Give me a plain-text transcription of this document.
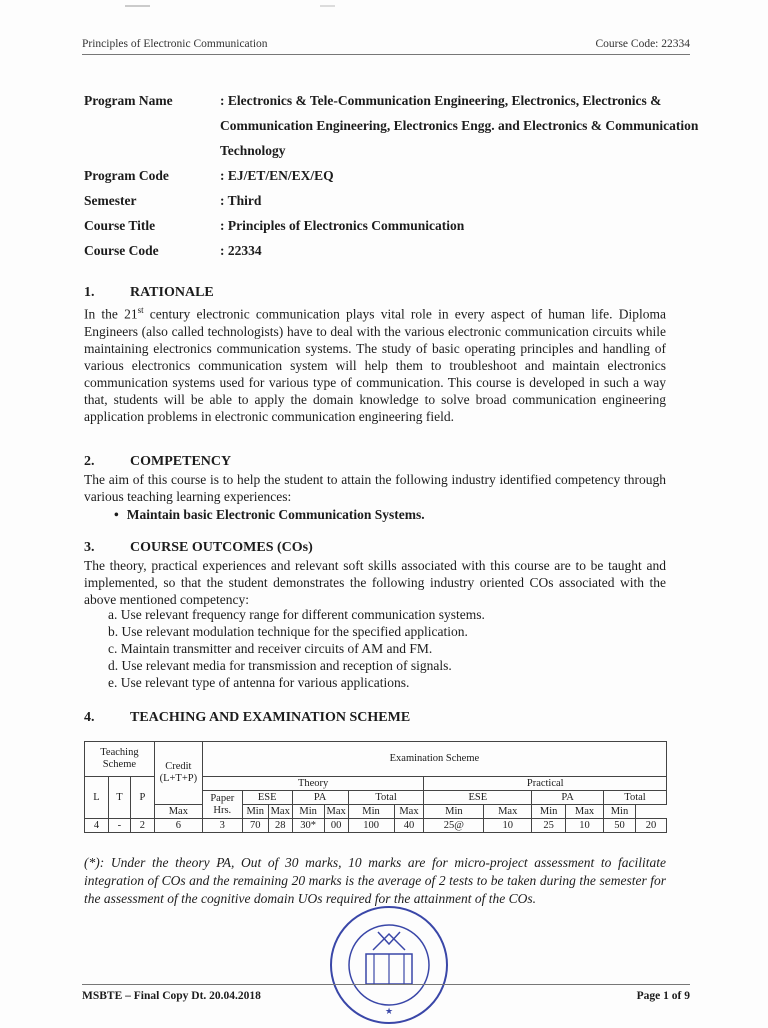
Principles of Electronic Communication	Course Code: 22334
Program Name	: Electronics & Tele-Communication Engineering, Electronics, Electronics & Communication Engineering, Electronics Engg. and Electronics & Communication Technology
Program Code	: EJ/ET/EN/EX/EQ
Semester	: Third
Course Title	: Principles of Electronics Communication
Course Code	: 22334
1.	RATIONALE
In the 21st century electronic communication plays vital role in every aspect of human life. Diploma Engineers (also called technologists) have to deal with the various electronic communication circuits while maintaining electronics communication systems. The study of basic operating principles and handling of various electronics communication system will help them to troubleshoot and maintain electronics communication systems used for various type of communication. This course is developed in such a way that, students will be able to apply the domain knowledge to solve broad communication engineering application problems in electronic communication engineering field.
2.	COMPETENCY
The aim of this course is to help the student to attain the following industry identified competency through various teaching learning experiences:
• Maintain basic Electronic Communication Systems.
3.	COURSE OUTCOMES (COs)
The theory, practical experiences and relevant soft skills associated with this course are to be taught and implemented, so that the student demonstrates the following industry oriented COs associated with the above mentioned competency:
a. Use relevant frequency range for different communication systems.
b. Use relevant modulation technique for the specified application.
c. Maintain transmitter and receiver circuits of AM and FM.
d. Use relevant media for transmission and reception of signals.
e. Use relevant type of antenna for various applications.
4.	TEACHING AND EXAMINATION SCHEME
Teaching Scheme			Credit (L+T+P)	Examination Scheme												

L	T	P		Theory							Practical					
				Paper Hrs.	ESE		PA		Total		ESE		PA		Total	
			Max		Min	Max	Min	Max	Min	Max	Min	Max	Min	Max	Min	
4	-	2	6	3	70	28	30*	00	100	40	25@	10	25	10	50	20
(*): Under the theory PA, Out of 30 marks, 10 marks are for micro-project assessment to facilitate integration of COs and the remaining 20 marks is the average of 2 tests to be taken during the semester for the assessment of the cognitive domain UOs required for the attainment of the COs.
★
MSBTE – Final Copy Dt. 20.04.2018	Page 1 of 9
